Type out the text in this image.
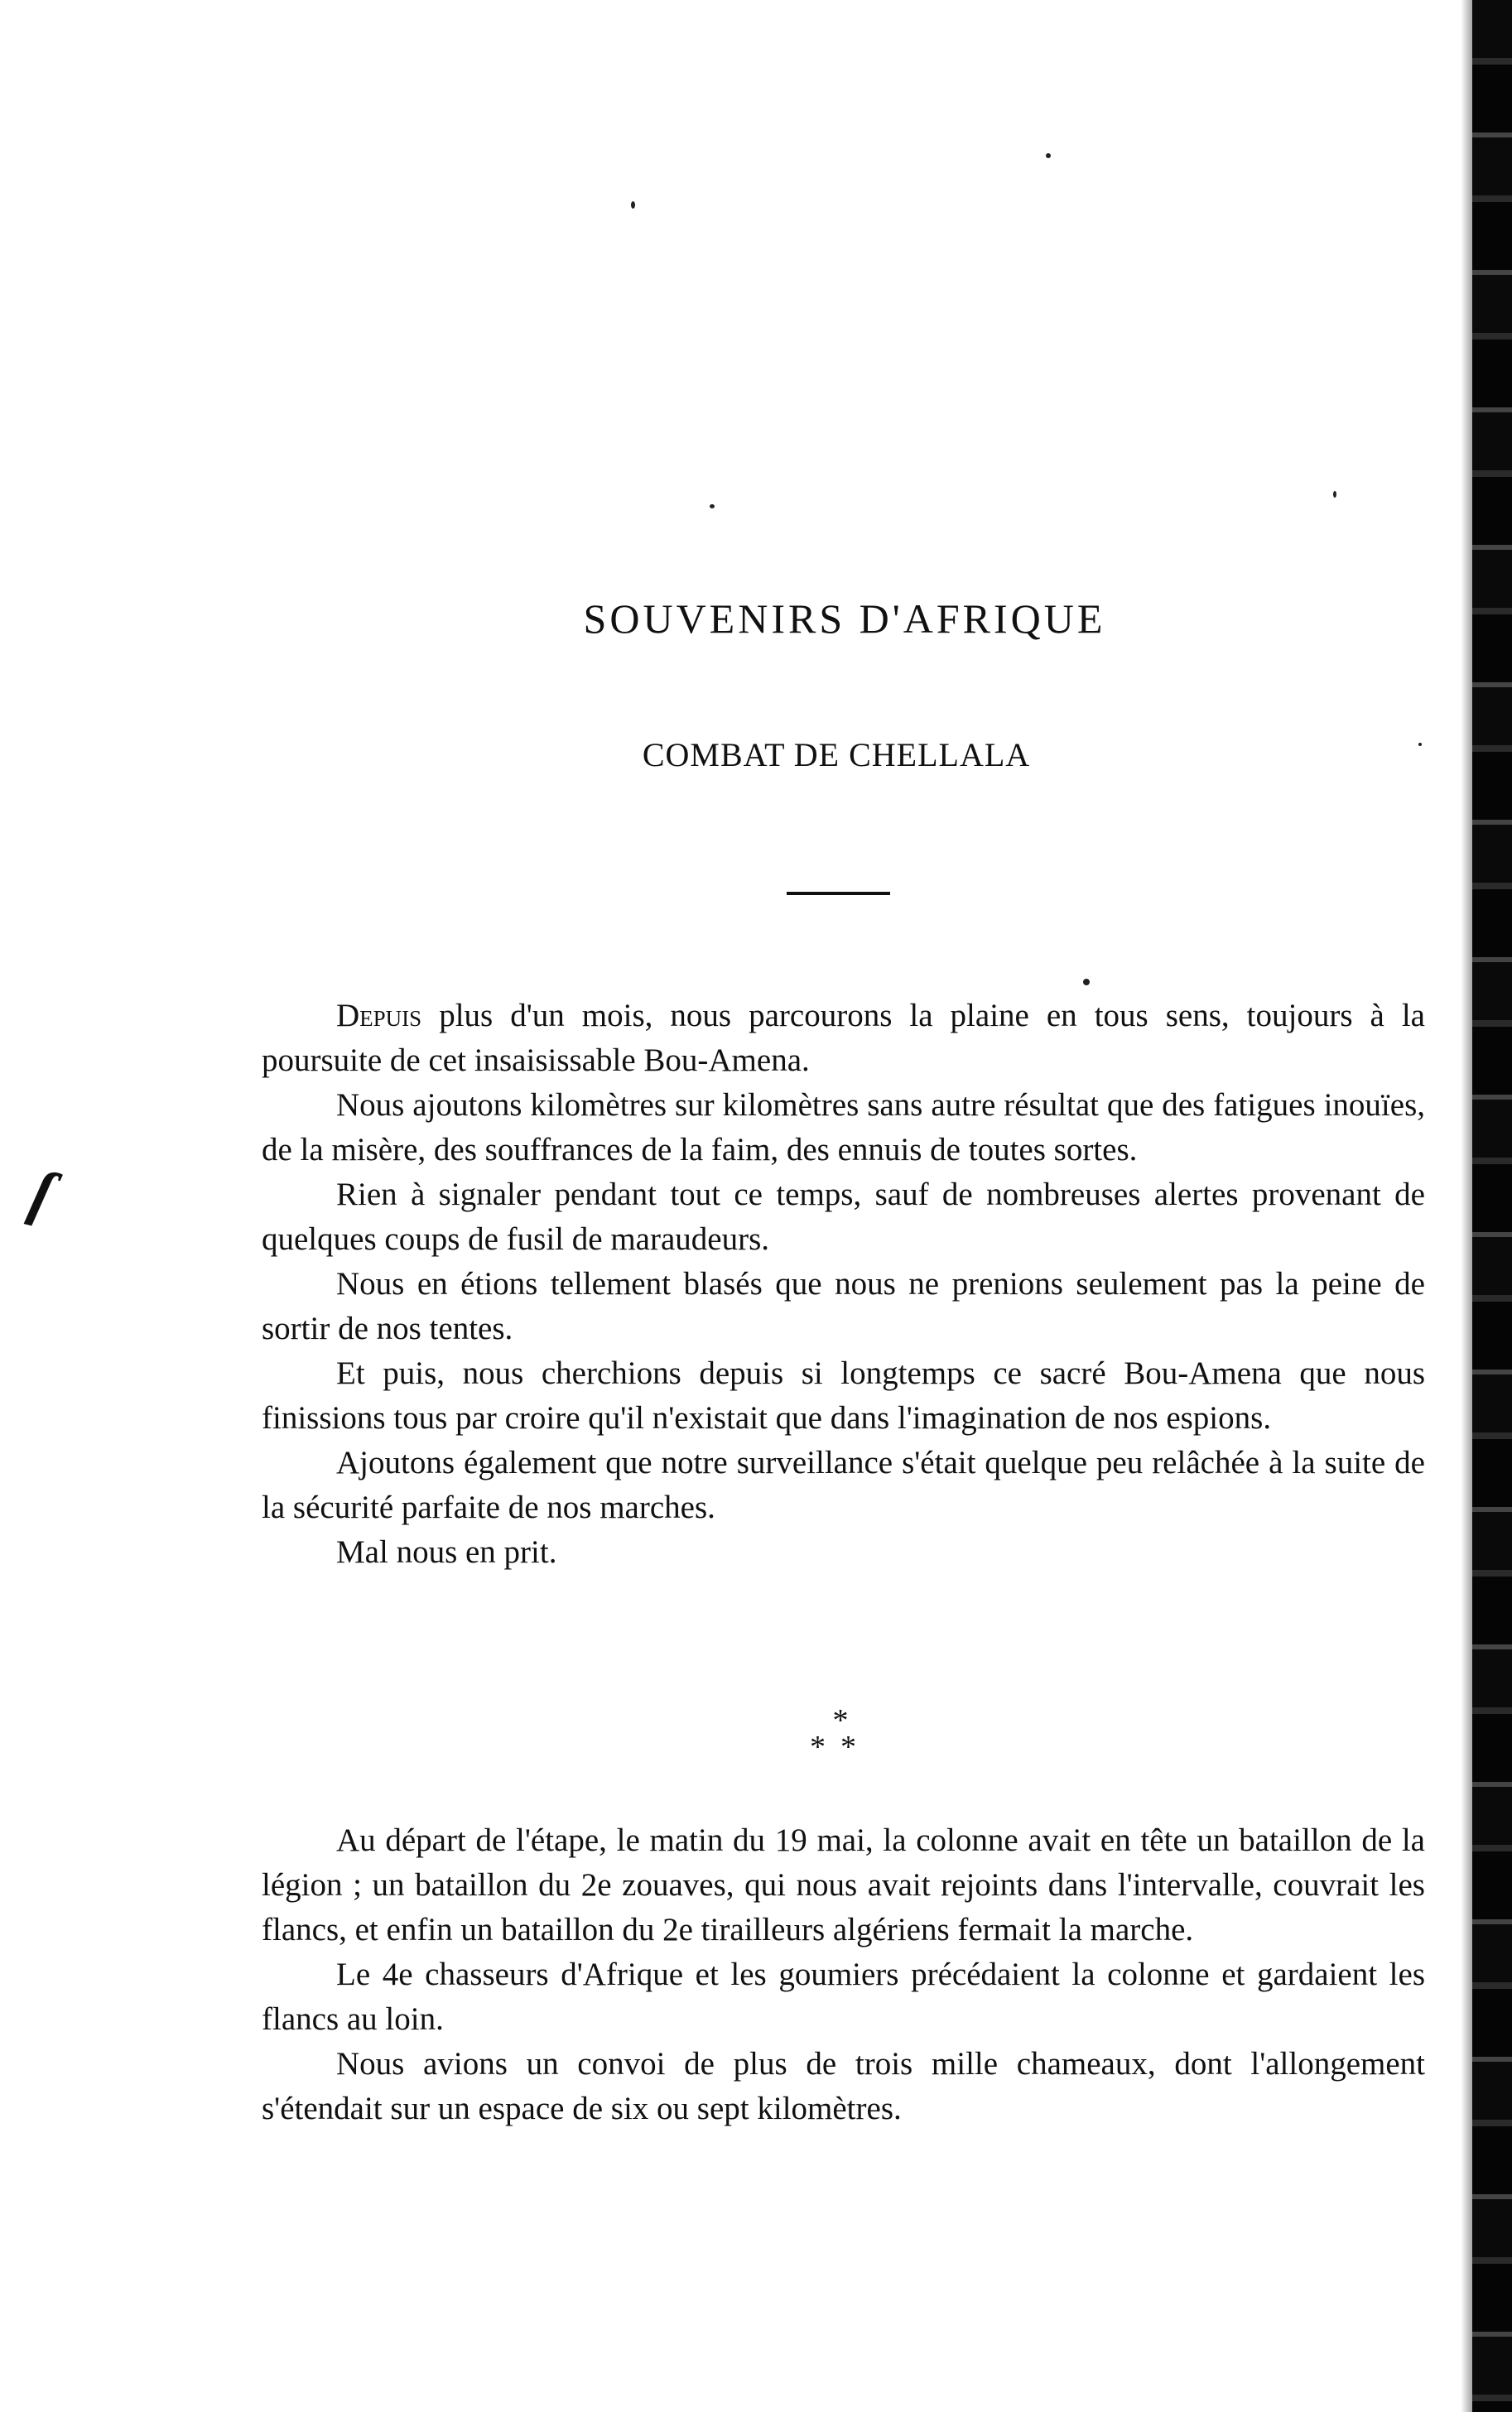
SOUVENIRS D'AFRIQUE
COMBAT DE CHELLALA
ſ

Depuis plus d'un mois, nous parcourons la plaine en tous sens, toujours à la poursuite de cet insaisissable Bou-Amena.

Nous ajoutons kilomètres sur kilomètres sans autre résultat que des fatigues inouïes, de la misère, des souffrances de la faim, des ennuis de toutes sortes.

Rien à signaler pendant tout ce temps, sauf de nombreuses alertes provenant de quelques coups de fusil de maraudeurs.

Nous en étions tellement blasés que nous ne prenions seulement pas la peine de sortir de nos tentes.

Et puis, nous cherchions depuis si longtemps ce sacré Bou-Amena que nous finissions tous par croire qu'il n'existait que dans l'imagination de nos espions.

Ajoutons également que notre surveillance s'était quelque peu relâchée à la suite de la sécurité parfaite de nos marches.

Mal nous en prit.

*
**

Au départ de l'étape, le matin du 19 mai, la colonne avait en tête un bataillon de la légion ; un bataillon du 2e zouaves, qui nous avait rejoints dans l'intervalle, couvrait les flancs, et enfin un bataillon du 2e tirailleurs algériens fermait la marche.

Le 4e chasseurs d'Afrique et les goumiers précédaient la colonne et gardaient les flancs au loin.

Nous avions un convoi de plus de trois mille chameaux, dont l'allongement s'étendait sur un espace de six ou sept kilomètres.
